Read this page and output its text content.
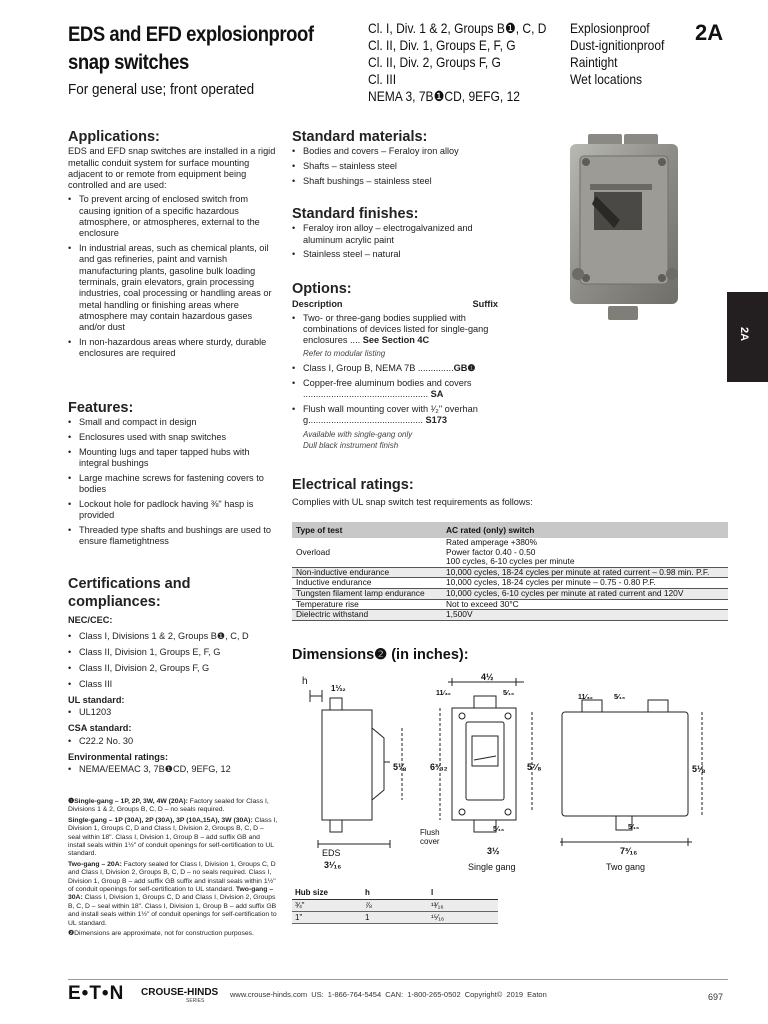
EDS and EFD explosionproof
snap switches
For general use; front operated
Cl. I, Div. 1 & 2, Groups B❶, C, D
Cl. II, Div. 1, Groups E, F, G
Cl. II, Div. 2, Groups F, G
Cl. III
NEMA 3, 7B❶CD, 9EFG, 12
Explosionproof
Dust-ignitionproof
Raintight
Wet locations
2A
2A
Applications:

EDS and EFD snap switches are installed in a rigid metallic conduit system for surface mounting adjacent to or remote from equipment being controlled and are used:

• To prevent arcing of enclosed switch from causing ignition of a specific hazardous atmosphere, or atmospheres, external to the enclosure
• In industrial areas, such as chemical plants, oil and gas refineries, paint and varnish manufacturing plants, gasoline bulk loading terminals, grain elevators, grain processing industries, coal processing or handling areas or metal handling or finishing areas where atmosphere may contain hazardous gases and/or dust
• In non-hazardous areas where sturdy, durable enclosures are required
Features:
• Small and compact in design
• Enclosures used with snap switches
• Mounting lugs and taper tapped hubs with integral bushings
• Large machine screws for fastening covers to bodies
• Lockout hole for padlock having ⅜" hasp is provided
• Threaded type shafts and bushings are used to ensure flametightness
Certifications and
compliances:
NEC/CEC:
• Class I, Divisions 1 & 2, Groups B❶, C, D
• Class II, Division 1, Groups E, F, G
• Class II, Division 2, Groups F, G
• Class III
UL standard:
• UL1203
CSA standard:
• C22.2 No. 30
Environmental ratings:
• NEMA/EEMAC 3, 7B❶CD, 9EFG, 12

❶Single-gang – 1P, 2P, 3W, 4W (20A): Factory sealed for Class I, Divisions 1 & 2, Groups B, C, D – no seals required.

Single-gang – 1P (30A), 2P (30A), 3P (10A,15A), 3W (30A): Class I, Division 1, Groups C, D and Class I, Division 2, Groups B, C, D – seal within 18". Class I, Division 1, Group B – add suffix GB and install seals within 1½" of conduit openings for self-certification to UL standard.

Two-gang – 20A: Factory sealed for Class I, Division 1, Groups C, D and Class I, Division 2, Groups B, C, D – no seals required. Class I, Division 1, Group B – add suffix GB suffix and install seals within 1½" of conduit openings for self-certification to UL standard. Two-gang – 30A: Class I, Division 1, Groups C, D and Class I, Division 2, Groups B, C, D – seal within 18". Class I, Division 1, Group B – add suffix GB and install seals within 1½" of conduit openings for self-certification to UL standard.

❷Dimensions are approximate, not for construction purposes.

Standard materials:
• Bodies and covers – Feraloy iron alloy
• Shafts – stainless steel
• Shaft bushings – stainless steel
Standard finishes:
• Feraloy iron alloy – electrogalvanized and aluminum acrylic paint
• Stainless steel – natural
Options:
Description	Suffix
• Two- or three-gang bodies supplied with combinations of devices listed for single-gang enclosures .... See Section 4C
Refer to modular listing
• Class I, Group B, NEMA 7B ..............GB❶
• Copper-free aluminum bodies and covers ................................................. SA
• Flush wall mounting cover with ¹⁄₂" overhang............................................. S173
Available with single-gang only
Dull black instrument finish
Electrical ratings:

Complies with UL snap switch test requirements as follows:

Type of test	AC rated (only) switch
Overload	Rated amperage +380%
Power factor 0.40 - 0.50
100 cycles, 6-10 cycles per minute

Non-inductive endurance	10,000 cycles, 18-24 cycles per minute at rated current – 0.98 min. P.F.
Inductive endurance	10,000 cycles, 18-24 cycles per minute – 0.75 - 0.80 P.F.
Tungsten filament lamp endurance	10,000 cycles, 6-10 cycles per minute at rated current and 120V
Temperature rise	Not to exceed 30°C
Dielectric withstand	1,500V
Dimensions❷ (in inches):
h
1⅓₂
5⅛
EDS
3¹⁄₁₆
Flush cover
4½
11⁄₃₂	5⁄₁₆
6³⁄₃₂	5⁷⁄₈
5⁄₁₆
3½
Single gang
11⁄₃₂	5⁄₁₆
5⅛
5⁄₁₆
7³⁄₁₆
Two gang
Hub size	h	l
¾"	⅞	¹³⁄₁₆
1"	1	¹⁵⁄₁₆
E•T•N CROUSE-HINDS
SERIES
www.crouse-hinds.com US: 1-866-764-5454 CAN: 1-800-265-0502 Copyright© 2019 Eaton	697
